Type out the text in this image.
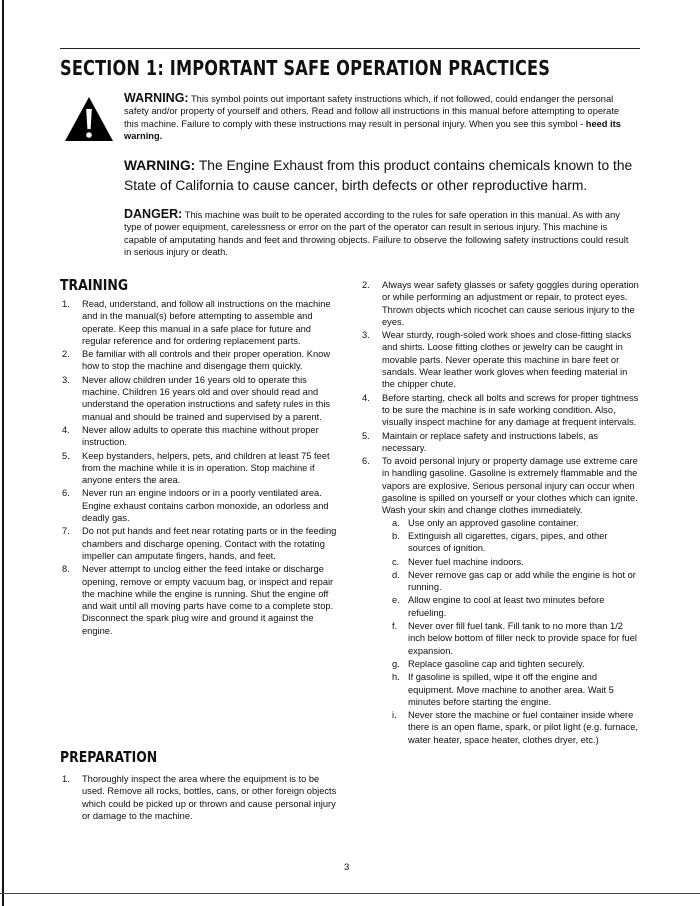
SECTION 1: IMPORTANT SAFE OPERATION PRACTICES

WARNING: This symbol points out important safety instructions which, if not followed, could endanger the personal safety and/or property of yourself and others. Read and follow all instructions in this manual before attempting to operate this machine. Failure to comply with these instructions may result in personal injury. When you see this symbol - heed its warning.

WARNING: The Engine Exhaust from this product contains chemicals known to the State of California to cause cancer, birth defects or other reproductive harm.

DANGER: This machine was built to be operated according to the rules for safe operation in this manual. As with any type of power equipment, carelessness or error on the part of the operator can result in serious injury. This machine is capable of amputating hands and feet and throwing objects. Failure to observe the following safety instructions could result in serious injury or death.

TRAINING
1. Read, understand, and follow all instructions on the machine and in the manual(s) before attempting to assemble and operate. Keep this manual in a safe place for future and regular reference and for ordering replacement parts.
2. Be familiar with all controls and their proper operation. Know how to stop the machine and disengage them quickly.
3. Never allow children under 16 years old to operate this machine. Children 16 years old and over should read and understand the operation instructions and safety rules in this manual and should be trained and supervised by a parent.
4. Never allow adults to operate this machine without proper instruction.
5. Keep bystanders, helpers, pets, and children at least 75 feet from the machine while it is in operation. Stop machine if anyone enters the area.
6. Never run an engine indoors or in a poorly ventilated area. Engine exhaust contains carbon monoxide, an odorless and deadly gas.
7. Do not put hands and feet near rotating parts or in the feeding chambers and discharge opening. Contact with the rotating impeller can amputate fingers, hands, and feet.
8. Never attempt to unclog either the feed intake or discharge opening, remove or empty vacuum bag, or inspect and repair the machine while the engine is running. Shut the engine off and wait until all moving parts have come to a complete stop. Disconnect the spark plug wire and ground it against the engine.
PREPARATION
1. Thoroughly inspect the area where the equipment is to be used. Remove all rocks, bottles, cans, or other foreign objects which could be picked up or thrown and cause personal injury or damage to the machine.
2. Always wear safety glasses or safety goggles during operation or while performing an adjustment or repair, to protect eyes. Thrown objects which ricochet can cause serious injury to the eyes.
3. Wear sturdy, rough-soled work shoes and close-fitting slacks and shirts. Loose fitting clothes or jewelry can be caught in movable parts. Never operate this machine in bare feet or sandals. Wear leather work gloves when feeding material in the chipper chute.
4. Before starting, check all bolts and screws for proper tightness to be sure the machine is in safe working condition. Also, visually inspect machine for any damage at frequent intervals.
5. Maintain or replace safety and instructions labels, as necessary.
6. To avoid personal injury or property damage use extreme care in handling gasoline. Gasoline is extremely flammable and the vapors are explosive. Serious personal injury can occur when gasoline is spilled on yourself or your clothes which can ignite. Wash your skin and change clothes immediately.
a. Use only an approved gasoline container.
b. Extinguish all cigarettes, cigars, pipes, and other sources of ignition.
c. Never fuel machine indoors.
d. Never remove gas cap or add while the engine is hot or running.
e. Allow engine to cool at least two minutes before refueling.
f. Never over fill fuel tank. Fill tank to no more than 1/2 inch below bottom of filler neck to provide space for fuel expansion.
g. Replace gasoline cap and tighten securely.
h. If gasoline is spilled, wipe it off the engine and equipment. Move machine to another area. Wait 5 minutes before starting the engine.
i. Never store the machine or fuel container inside where there is an open flame, spark, or pilot light (e.g. furnace, water heater, space heater, clothes dryer, etc.)
3
